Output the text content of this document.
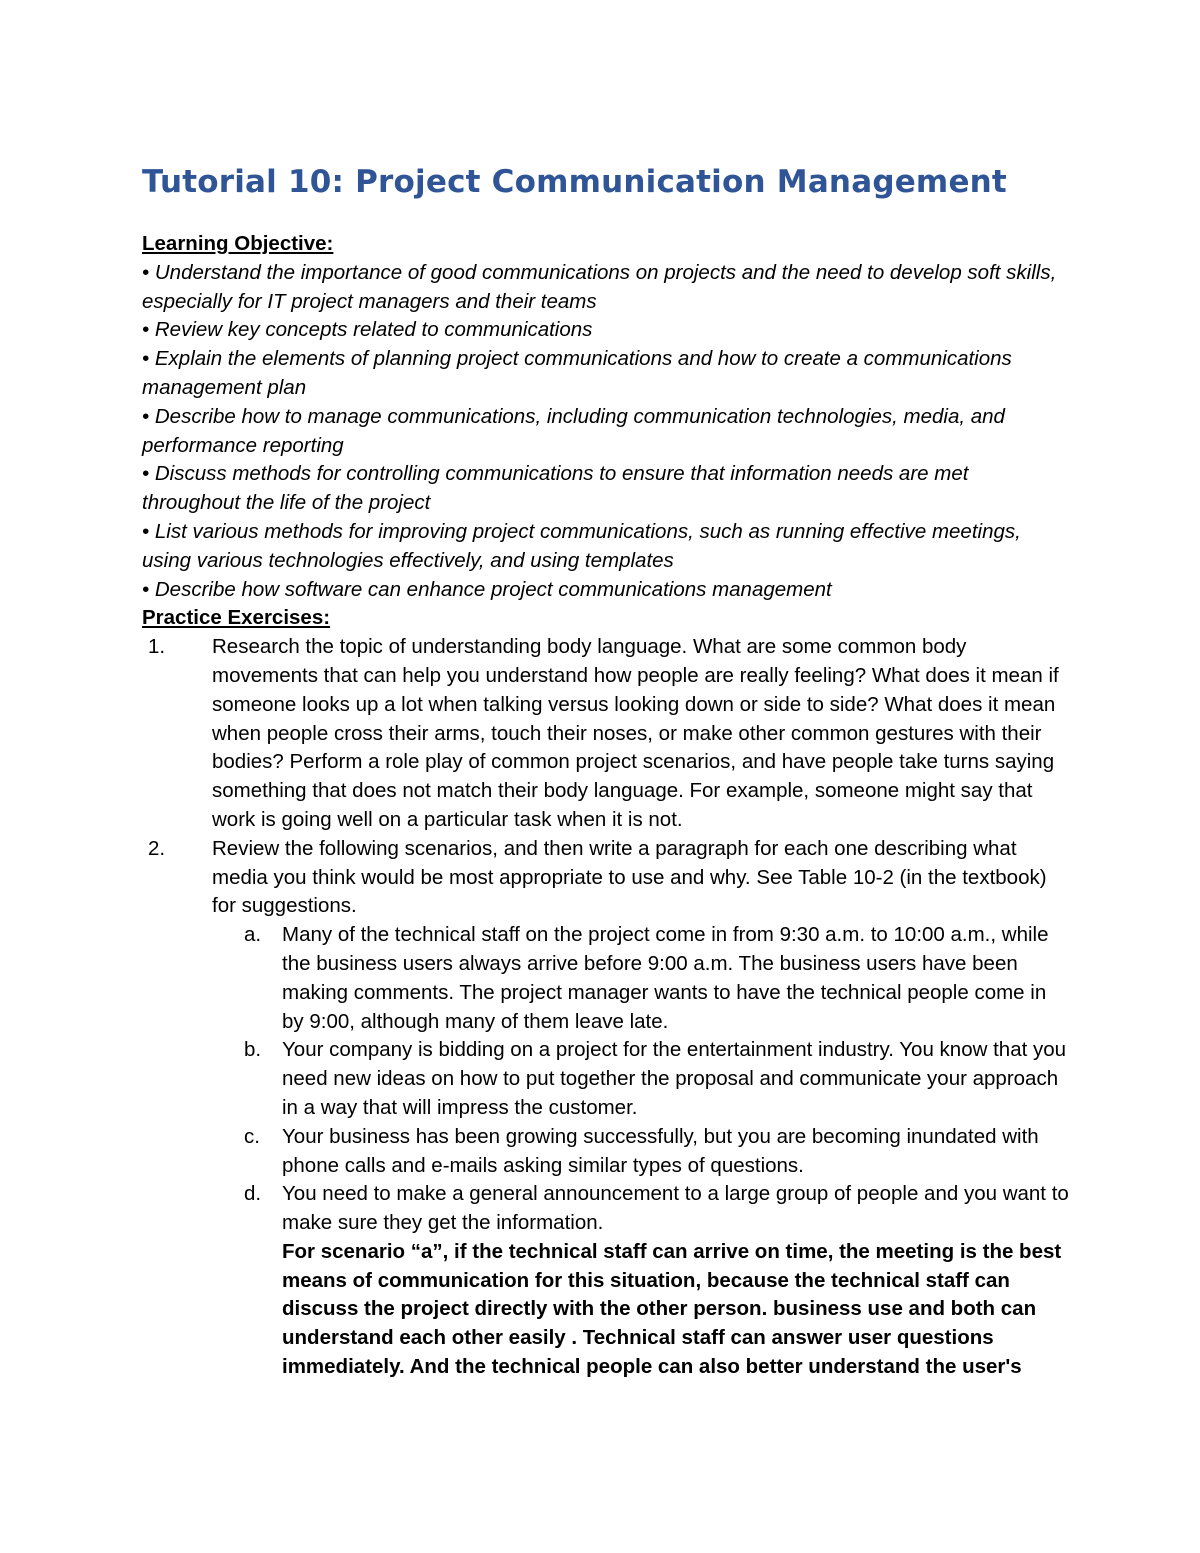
Tutorial 10: Project Communication Management
Learning Objective:
• Understand the importance of good communications on projects and the need to develop soft skills, especially for IT project managers and their teams
• Review key concepts related to communications
• Explain the elements of planning project communications and how to create a communications management plan
• Describe how to manage communications, including communication technologies, media, and performance reporting
• Discuss methods for controlling communications to ensure that information needs are met throughout the life of the project
• List various methods for improving project communications, such as running effective meetings, using various technologies effectively, and using templates
• Describe how software can enhance project communications management
Practice Exercises:
1. Research the topic of understanding body language. What are some common body movements that can help you understand how people are really feeling? What does it mean if someone looks up a lot when talking versus looking down or side to side? What does it mean when people cross their arms, touch their noses, or make other common gestures with their bodies? Perform a role play of common project scenarios, and have people take turns saying something that does not match their body language. For example, someone might say that work is going well on a particular task when it is not.
2. Review the following scenarios, and then write a paragraph for each one describing what media you think would be most appropriate to use and why. See Table 10-2 (in the textbook) for suggestions.
a. Many of the technical staff on the project come in from 9:30 a.m. to 10:00 a.m., while the business users always arrive before 9:00 a.m. The business users have been making comments. The project manager wants to have the technical people come in by 9:00, although many of them leave late.
b. Your company is bidding on a project for the entertainment industry. You know that you need new ideas on how to put together the proposal and communicate your approach in a way that will impress the customer.
c. Your business has been growing successfully, but you are becoming inundated with phone calls and e-mails asking similar types of questions.
d. You need to make a general announcement to a large group of people and you want to make sure they get the information.
For scenario “a”, if the technical staff can arrive on time, the meeting is the best means of communication for this situation, because the technical staff can discuss the project directly with the other person. business use and both can understand each other easily . Technical staff can answer user questions immediately. And the technical people can also better understand the user's
